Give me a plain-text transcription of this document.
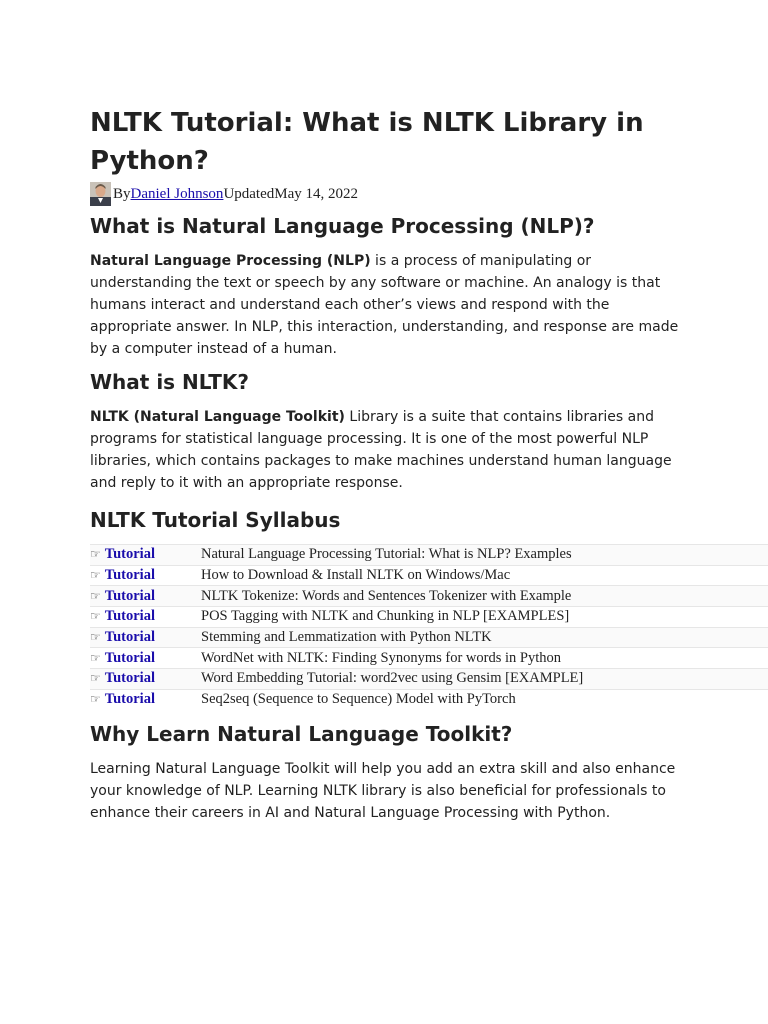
NLTK Tutorial: What is NLTK Library in Python?
By Daniel Johnson Updated May 14, 2022
What is Natural Language Processing (NLP)?

Natural Language Processing (NLP) is a process of manipulating or understanding the text or speech by any software or machine. An analogy is that humans interact and understand each other’s views and respond with the appropriate answer. In NLP, this interaction, understanding, and response are made by a computer instead of a human.

What is NLTK?

NLTK (Natural Language Toolkit) Library is a suite that contains libraries and programs for statistical language processing. It is one of the most powerful NLP libraries, which contains packages to make machines understand human language and reply to it with an appropriate response.

NLTK Tutorial Syllabus
☞ Tutorial	Natural Language Processing Tutorial: What is NLP? Examples
☞ Tutorial	How to Download & Install NLTK on Windows/Mac
☞ Tutorial	NLTK Tokenize: Words and Sentences Tokenizer with Example
☞ Tutorial	POS Tagging with NLTK and Chunking in NLP [EXAMPLES]
☞ Tutorial	Stemming and Lemmatization with Python NLTK
☞ Tutorial	WordNet with NLTK: Finding Synonyms for words in Python
☞ Tutorial	Word Embedding Tutorial: word2vec using Gensim [EXAMPLE]
☞ Tutorial	Seq2seq (Sequence to Sequence) Model with PyTorch
Why Learn Natural Language Toolkit?

Learning Natural Language Toolkit will help you add an extra skill and also enhance your knowledge of NLP. Learning NLTK library is also beneficial for professionals to enhance their careers in AI and Natural Language Processing with Python.
